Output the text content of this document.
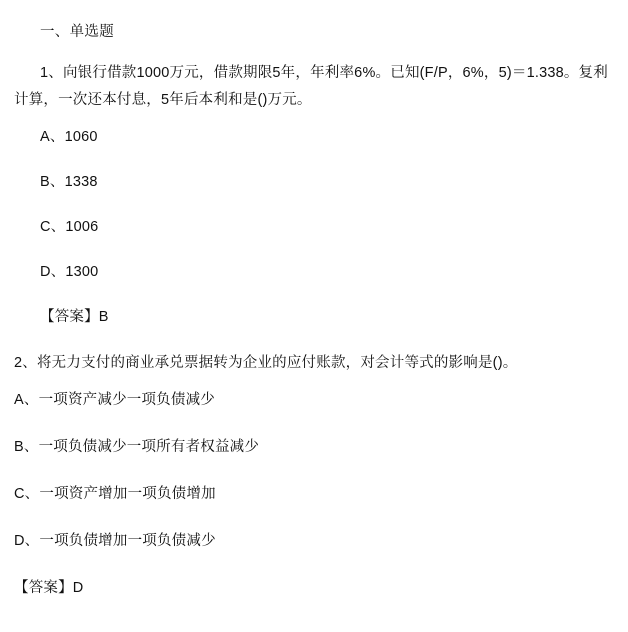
一、单选题
1、向银行借款1000万元，借款期限5年，年利率6%。已知(F/P，6%，5)＝1.338。复利计算，一次还本付息，5年后本利和是()万元。
A、1060
B、1338
C、1006
D、1300
【答案】B
2、将无力支付的商业承兑票据转为企业的应付账款，对会计等式的影响是()。
A、一项资产减少一项负债减少
B、一项负债减少一项所有者权益减少
C、一项资产增加一项负债增加
D、一项负债增加一项负债减少
【答案】D
